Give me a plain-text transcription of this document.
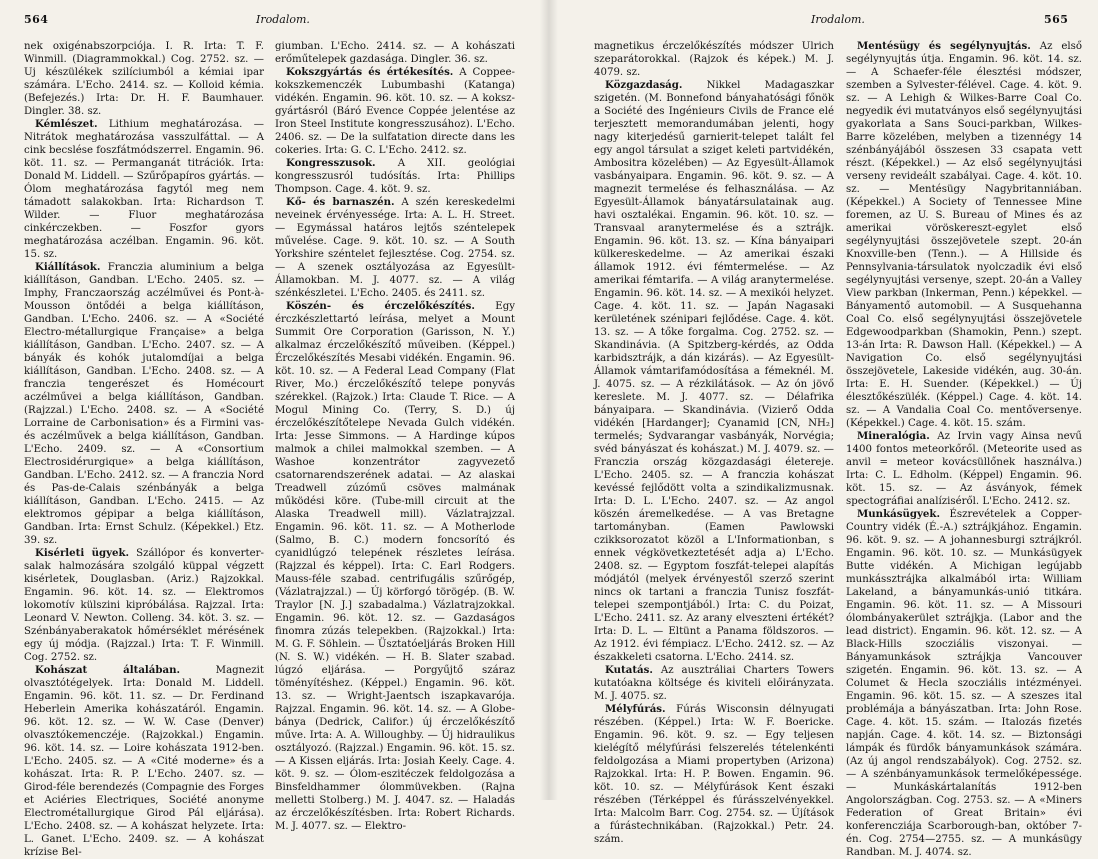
564	Irodalom.	Irodalom.	565

nek oxigénabszorpciója. I. R. Irta: T. F. Winmill. (Diagrammokkal.) Cog. 2752. sz. — Uj készülékek szilíciumból a kémiai ipar számára. L'Echo. 2414. sz. — Kolloid kémia. (Befejezés.) Irta: Dr. H. F. Baumhauer. Dingler. 38. sz.

Kémlészet. Lithium meghatározása. — Nitrátok meghatározása vasszulfáttal. — A cink becslése foszfátmódszerrel. Engamin. 96. köt. 11. sz. — Permanganát titrációk. Irta: Donald M. Liddell. — Szűrőpapíros gyártás. — Ólom meghatározása fagytól meg nem támadott salakokban. Irta: Richardson T. Wilder. — Fluor meghatározása cinkérczekben. — Foszfor gyors meghatározása aczélban. Engamin. 96. köt. 15. sz.

Kiállítások. Franczia aluminium a belga kiállításon, Gandban. L'Echo. 2405. sz. — Imphy, Franczaország aczélművei és Pont-à-Mousson öntődéi a belga kiállításon, Gandban. L'Echo. 2406. sz. — A «Société Electro-métallurgique Française» a belga kiállításon, Gandban. L'Echo. 2407. sz. — A bányák és kohók jutalomdíjai a belga kiállításon, Gandban. L'Echo. 2408. sz. — A franczia tengerészet és Homécourt aczélművei a belga kiállításon, Gandban. (Rajzzal.) L'Echo. 2408. sz. — A «Société Lorraine de Carbonisation» és a Firmini vas- és aczélművek a belga kiállításon, Gandban. L'Echo. 2409. sz. — A «Consortium Electrosidérurgique» a belga kiállításon, Gandban. L'Echo. 2412. sz. — A franczia Nord és Pas-de-Calais szénbányák a belga kiállításon, Gandban. L'Echo. 2415. — Az elektromos gépipar a belga kiállításon, Gandban. Irta: Ernst Schulz. (Képekkel.) Etz. 39. sz.

Kisérleti ügyek. Szállópor és konverter-salak halmozására szolgáló küppal végzett kisérletek, Douglasban. (Ariz.) Rajzokkal. Engamin. 96. köt. 14. sz. — Elektromos lokomotív külszini kipróbálása. Rajzzal. Irta: Leonard V. Newton. Colleng. 34. köt. 3. sz. — Szénbányaberakatok hőmérséklet mérésének egy új módja. (Rajzzal.) Irta: T. F. Winmill. Cog. 2752. sz.

Kohászat általában. Magnezit olvasztótégelyek. Irta: Donald M. Liddell. Engamin. 96. köt. 11. sz. — Dr. Ferdinand Heberlein Amerika kohászatáról. Engamin. 96. köt. 12. sz. — W. W. Case (Denver) olvasztókemenczéje. (Rajzokkal.) Engamin. 96. köt. 14. sz. — Loire kohászata 1912-ben. L'Echo. 2405. sz. — A «Cité moderne» és a kohászat. Irta: R. P. L'Echo. 2407. sz. — Girod-féle berendezés (Compagnie des Forges et Aciéries Electriques, Société anonyme Electrométallurgique Girod Pál eljárása). L'Echo. 2408. sz. — A kohászat helyzete. Irta: L. Ganet. L'Echo. 2409. sz. — A kohászat krízise Bel-

giumban. L'Echo. 2414. sz. — A kohászati erőműtelepek gazdasága. Dingler. 36. sz.

Kokszgyártás és értékesítés. A Coppee-kokszkemenczék Lubumbashi (Katanga) vidékén. Engamin. 96. köt. 10. sz. — A koksz-gyártásról (Báró Evence Coppée jelentése az Iron Steel Institute kongresszusához). L'Echo. 2406. sz. — De la sulfatation directe dans les cokeries. Irta: G. C. L'Echo. 2412. sz.

Kongresszusok. A XII. geológiai kongresszusról tudósítás. Irta: Phillips Thompson. Cage. 4. köt. 9. sz.

Kő- és barnaszén. A szén kereskedelmi neveinek érvényessége. Irta: A. L. H. Street. — Egymással határos lejtős széntelepek művelése. Cage. 9. köt. 10. sz. — A South Yorkshire széntelet fejlesztése. Cog. 2754. sz. — A szenek osztályozása az Egyesült-Államokban. M. J. 4077. sz. — A világ szénkészletei. L'Echo. 2405. és 2411. sz.

Köszén- és érczelőkészítés. Egy érczkészlettartó leírása, melyet a Mount Summit Ore Corporation (Garisson, N. Y.) alkalmaz érczelőkészítő műveiben. (Képpel.) Érczelőkészítés Mesabi vidékén. Engamin. 96. köt. 10. sz. — A Federal Lead Company (Flat River, Mo.) érczelőkészítő telepe ponyvás szérekkel. (Rajzok.) Irta: Claude T. Rice. — A Mogul Mining Co. (Terry, S. D.) új érczelőkészítőtelepe Nevada Gulch vidékén. Irta: Jesse Simmons. — A Hardinge kúpos malmok a chilei malmokkal szemben. — A Washoe konzentrátor zagyvezető csatornarendszerének adatai. — Az alaskai Treadwell zúzómű csöves malmának működési köre. (Tube-mill circuit at the Alaska Treadwell mill). Vázlatrajzzal. Engamin. 96. köt. 11. sz. — A Motherlode (Salmo, B. C.) modern foncsorító és cyanidlúgzó telepének részletes leírása. (Rajzzal és képpel). Irta: C. Earl Rodgers. Mauss-féle szabad. centrifugális szűrőgép, (Vázlatrajzzal.) — Új körforgó törögép. (B. W. Traylor [N. J.] szabadalma.) Vázlatrajzokkal. Engamin. 96. köt. 12. sz. — Gazdaságos finomra zúzás telepekben. (Rajzokkal.) Irta: M. G. F. Söhlein. — Üsztatóeljárás Broken Hill (N. S. W.) vidékén. — H. B. Slater szabad. lúgzó eljárása. — Porgyűjtő száraz töményítéshez. (Képpel.) Engamin. 96. köt. 13. sz. — Wright-Jaentsch iszapkavarója. Rajzzal. Engamin. 96. köt. 14. sz. — A Globe-bánya (Dedrick, Califor.) új érczelőkészítő műve. Irta: A. A. Willoughby. — Új hidraulikus osztályozó. (Rajzzal.) Engamin. 96. köt. 15. sz. — A Kissen eljárás. Irta: Josiah Keely. Cage. 4. köt. 9. sz. — Ólom-eszitéczek feldolgozása a Binsfeldhammer ólommüvekben. (Rajna melletti Stolberg.) M. J. 4047. sz. — Haladás az érczelőkészítésben. Irta: Robert Richards. M. J. 4077. sz. — Elektro-

magnetikus érczelőkészítés módszer Ulrich szeparátorokkal. (Rajzok és képek.) M. J. 4079. sz.

Közgazdaság. Nikkel Madagaszkar szigetén. (M. Bonnefond bányahatósági főnök a Société des Ingénieurs Civils de France elé terjesztett memorandumában jelenti, hogy nagy kiterjedésű garnierit-telepet talált fel egy angol társulat a sziget keleti partvidékén, Ambositra közelében) — Az Egyesült-Államok vasbányaipara. Engamin. 96. köt. 9. sz. — A magnezit termelése és felhasználása. — Az Egyesült-Államok bányatársulatainak aug. havi osztalékai. Engamin. 96. köt. 10. sz. — Transvaal aranytermelése és a sztrájk. Engamin. 96. köt. 13. sz. — Kína bányaipari külkereskedelme. — Az amerikai északi államok 1912. évi fémtermelése. — Az amerikai fémtarifa. — A világ aranytermelése. Engamin. 96. köt. 14. sz. — A mexikói helyzet. Cage. 4. köt. 11. sz. — Japán Nagasaki kerületének szénipari fejlődése. Cage. 4. köt. 13. sz. — A tőke forgalma. Cog. 2752. sz. — Skandinávia. (A Spitzberg-kérdés, az Odda karbidsztrájk, a dán kizárás). — Az Egyesült-Államok vámtarifamódosítása a fémeknél. M. J. 4075. sz. — A rézkilátások. — Az ón jövő kereslete. M. J. 4077. sz. — Délafrika bányaipara. — Skandinávia. (Vizierő Odda vidékén [Hardanger]; Cyanamid [CN, NH₂] termelés; Sydvarangar vasbányák, Norvégia; svéd bányászat és kohászat.) M. J. 4079. sz. — Franczia ország közgazdasági életereje. L'Echo. 2405. sz. — A franczia kohászat kevéssé fejlődött volta a szindikalizmusnak. Irta: D. L. L'Echo. 2407. sz. — Az angol köszén áremelkedése. — A vas Bretagne tartományban. (Eamen Pawlowski czikksorozatot közöl a L'Informationban, s ennek végkövetkeztetését adja a) L'Echo. 2408. sz. — Egyptom foszfát-telepei alapítás módjától (melyek érvényestől szerző szerint nincs ok tartani a franczia Tunisz foszfát-telepei szempontjából.) Irta: C. du Poizat, L'Echo. 2411. sz. Az arany elveszteni értékét? Irta: D. L. — Eltünt a Panama földszoros. — Az 1912. évi fémpiacz. L'Echo. 2412. sz. — Az északkeleti csatorna. L'Echo. 2414. sz.

Kutatás. Az ausztráliai Charters Towers kutatóakna költsége és kiviteli előirányzata. M. J. 4075. sz.

Mélyfúrás. Fúrás Wisconsin délnyugati részében. (Képpel.) Irta: W. F. Boericke. Engamin. 96. köt. 9. sz. — Egy teljesen kielégítő mélyfúrási felszerelés tételenkénti feldolgozása a Miami propertyben (Arizona) Rajzokkal. Irta: H. P. Bowen. Engamin. 96. köt. 10. sz. — Mélyfúrások Kent északi részében (Térképpel és fúrásszelvényekkel. Irta: Malcolm Barr. Cog. 2754. sz. — Újítások a fúrástechnikában. (Rajzokkal.) Petr. 24. szám.

Mentésügy és segélynyujtás. Az első segélynyujtás útja. Engamin. 96. köt. 14. sz. — A Schaefer-féle élesztési módszer, szemben a Sylvester-félével. Cage. 4. köt. 9. sz. — A Lehigh & Wilkes-Barre Coal Co. negyedik évi mutatványos első segélynyujtási gyakorlata a Sans Souci-parkban, Wilkes-Barre közelében, melyben a tizennégy 14 szénbányájából összesen 33 csapata vett részt. (Képekkel.) — Az első segélynyujtási verseny revideált szabályai. Cage. 4. köt. 10. sz. — Mentésügy Nagybritanniában. (Képekkel.) A Society of Tennessee Mine foremen, az U. S. Bureau of Mines és az amerikai vöröskereszt-egylet első segélynyujtási összejövetele szept. 20-án Knoxville-ben (Tenn.). — A Hillside és Pennsylvania-társulatok nyolczadik évi első segélynyujtási versenye, szept. 20-án a Valley View parkban (Inkerman, Penn.) képekkel. — Bányamentő automobil. — A Susquehanna Coal Co. első segélynyujtási összejövetele Edgewoodparkban (Shamokin, Penn.) szept. 13-án Irta: R. Dawson Hall. (Képekkel.) — A Navigation Co. első segélynyujtási összejövetele, Lakeside vidékén, aug. 30-án. Irta: E. H. Suender. (Képekkel.) — Új élesztőkészülék. (Képpel.) Cage. 4. köt. 14. sz. — A Vandalia Coal Co. mentőversenye. (Képekkel.) Cage. 4. köt. 15. szám.

Mineralógia. Az Irvin vagy Ainsa nevű 1400 fontos meteorkőről. (Meteorite used as anvil = meteor kovácsüllőnek használva.) Irta: C. L. Edholm. (Képpel) Engamin. 96. köt. 15. sz. — Az ásványok, fémek spectográfiai analíziséről. L'Echo. 2412. sz.

Munkásügyek. Észrevételek a Copper-Country vidék (É.-A.) sztrájkjához. Engamin. 96. köt. 9. sz. — A johannesburgi sztrájkról. Engamin. 96. köt. 10. sz. — Munkásügyek Butte vidékén. A Michigan legújabb munkássztrájka alkalmából irta: William Lakeland, a bányamunkás-unió titkára. Engamin. 96. köt. 11. sz. — A Missouri ólombányakerület sztrájkja. (Labor and the lead district). Engamin. 96. köt. 12. sz. — A Black-Hills szocziális viszonyai. — Bányamunkások sztrájkja Vancouver szigetén. Engamin. 96. köt. 13. sz. — A Columet & Hecla szocziális intézményei. Engamin. 96. köt. 15. sz. — A szeszes ital problémája a bányászatban. Irta: John Rose. Cage. 4. köt. 15. szám. — Italozás fizetés napján. Cage. 4. köt. 14. sz. — Biztonsági lámpák és fürdők bányamunkások számára. (Az új angol rendszabályok). Cog. 2752. sz. — A szénbányamunkások termelőképessége. — Munkáskártalanítás 1912-ben Angolországban. Cog. 2753. sz. — A «Miners Federation of Great Britain» évi konferencziája Scarborough-ban, október 7-én. Cog. 2754—2755. sz. — A munkásügy Randban. M. J. 4074. sz.
